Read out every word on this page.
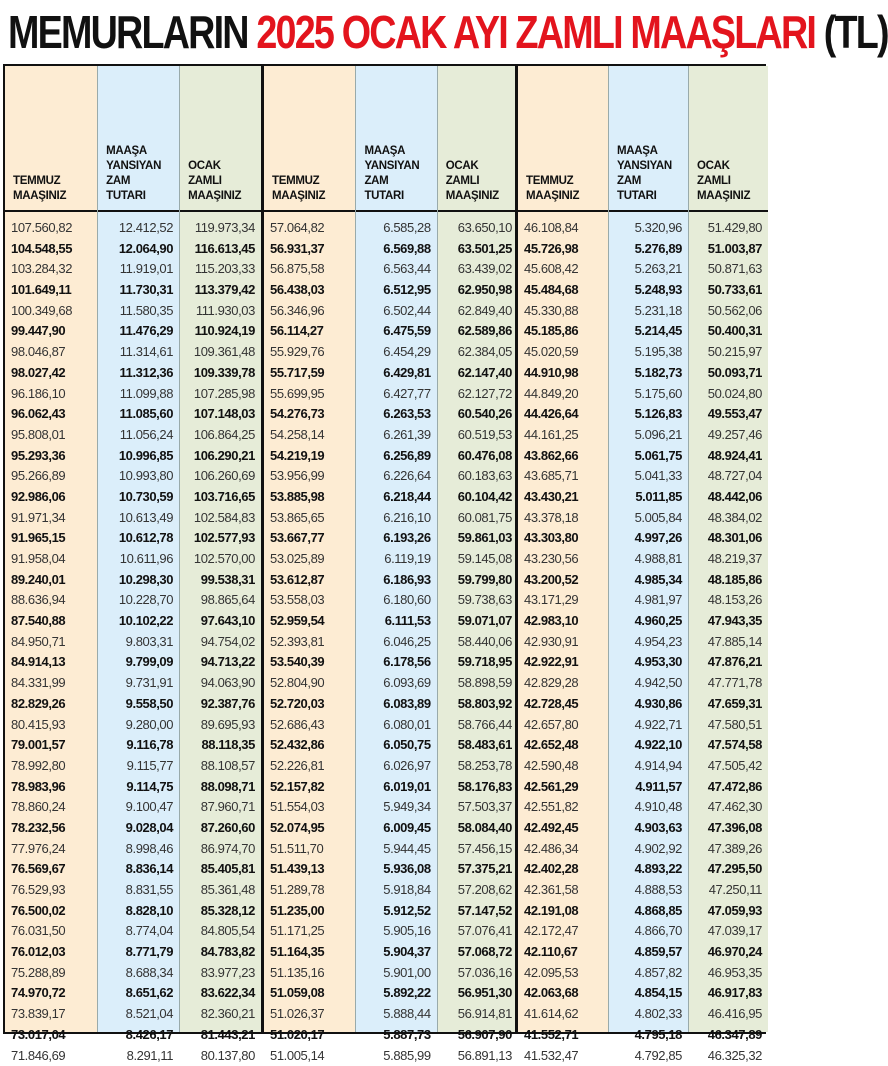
MEMURLARIN 2025 OCAK AYI ZAMLI MAAŞLARI (TL)
TEMMUZ
MAAŞINIZ
107.560,82
104.548,55
103.284,32
101.649,11
100.349,68
99.447,90
98.046,87
98.027,42
96.186,10
96.062,43
95.808,01
95.293,36
95.266,89
92.986,06
91.971,34
91.965,15
91.958,04
89.240,01
88.636,94
87.540,88
84.950,71
84.914,13
84.331,99
82.829,26
80.415,93
79.001,57
78.992,80
78.983,96
78.860,24
78.232,56
77.976,24
76.569,67
76.529,93
76.500,02
76.031,50
76.012,03
75.288,89
74.970,72
73.839,17
73.017,04
71.846,69
MAAŞA
YANSIYAN
ZAM
TUTARI
12.412,52
12.064,90
11.919,01
11.730,31
11.580,35
11.476,29
11.314,61
11.312,36
11.099,88
11.085,60
11.056,24
10.996,85
10.993,80
10.730,59
10.613,49
10.612,78
10.611,96
10.298,30
10.228,70
10.102,22
9.803,31
9.799,09
9.731,91
9.558,50
9.280,00
9.116,78
9.115,77
9.114,75
9.100,47
9.028,04
8.998,46
8.836,14
8.831,55
8.828,10
8.774,04
8.771,79
8.688,34
8.651,62
8.521,04
8.426,17
8.291,11
OCAK
ZAMLI
MAAŞINIZ
119.973,34
116.613,45
115.203,33
113.379,42
111.930,03
110.924,19
109.361,48
109.339,78
107.285,98
107.148,03
106.864,25
106.290,21
106.260,69
103.716,65
102.584,83
102.577,93
102.570,00
99.538,31
98.865,64
97.643,10
94.754,02
94.713,22
94.063,90
92.387,76
89.695,93
88.118,35
88.108,57
88.098,71
87.960,71
87.260,60
86.974,70
85.405,81
85.361,48
85.328,12
84.805,54
84.783,82
83.977,23
83.622,34
82.360,21
81.443,21
80.137,80
TEMMUZ
MAAŞINIZ
57.064,82
56.931,37
56.875,58
56.438,03
56.346,96
56.114,27
55.929,76
55.717,59
55.699,95
54.276,73
54.258,14
54.219,19
53.956,99
53.885,98
53.865,65
53.667,77
53.025,89
53.612,87
53.558,03
52.959,54
52.393,81
53.540,39
52.804,90
52.720,03
52.686,43
52.432,86
52.226,81
52.157,82
51.554,03
52.074,95
51.511,70
51.439,13
51.289,78
51.235,00
51.171,25
51.164,35
51.135,16
51.059,08
51.026,37
51.020,17
51.005,14
MAAŞA
YANSIYAN
ZAM
TUTARI
6.585,28
6.569,88
6.563,44
6.512,95
6.502,44
6.475,59
6.454,29
6.429,81
6.427,77
6.263,53
6.261,39
6.256,89
6.226,64
6.218,44
6.216,10
6.193,26
6.119,19
6.186,93
6.180,60
6.111,53
6.046,25
6.178,56
6.093,69
6.083,89
6.080,01
6.050,75
6.026,97
6.019,01
5.949,34
6.009,45
5.944,45
5.936,08
5.918,84
5.912,52
5.905,16
5.904,37
5.901,00
5.892,22
5.888,44
5.887,73
5.885,99
OCAK
ZAMLI
MAAŞINIZ
63.650,10
63.501,25
63.439,02
62.950,98
62.849,40
62.589,86
62.384,05
62.147,40
62.127,72
60.540,26
60.519,53
60.476,08
60.183,63
60.104,42
60.081,75
59.861,03
59.145,08
59.799,80
59.738,63
59.071,07
58.440,06
59.718,95
58.898,59
58.803,92
58.766,44
58.483,61
58.253,78
58.176,83
57.503,37
58.084,40
57.456,15
57.375,21
57.208,62
57.147,52
57.076,41
57.068,72
57.036,16
56.951,30
56.914,81
56.907,90
56.891,13
TEMMUZ
MAAŞINIZ
46.108,84
45.726,98
45.608,42
45.484,68
45.330,88
45.185,86
45.020,59
44.910,98
44.849,20
44.426,64
44.161,25
43.862,66
43.685,71
43.430,21
43.378,18
43.303,80
43.230,56
43.200,52
43.171,29
42.983,10
42.930,91
42.922,91
42.829,28
42.728,45
42.657,80
42.652,48
42.590,48
42.561,29
42.551,82
42.492,45
42.486,34
42.402,28
42.361,58
42.191,08
42.172,47
42.110,67
42.095,53
42.063,68
41.614,62
41.552,71
41.532,47
MAAŞA
YANSIYAN
ZAM
TUTARI
5.320,96
5.276,89
5.263,21
5.248,93
5.231,18
5.214,45
5.195,38
5.182,73
5.175,60
5.126,83
5.096,21
5.061,75
5.041,33
5.011,85
5.005,84
4.997,26
4.988,81
4.985,34
4.981,97
4.960,25
4.954,23
4.953,30
4.942,50
4.930,86
4.922,71
4.922,10
4.914,94
4.911,57
4.910,48
4.903,63
4.902,92
4.893,22
4.888,53
4.868,85
4.866,70
4.859,57
4.857,82
4.854,15
4.802,33
4.795,18
4.792,85
OCAK
ZAMLI
MAAŞINIZ
51.429,80
51.003,87
50.871,63
50.733,61
50.562,06
50.400,31
50.215,97
50.093,71
50.024,80
49.553,47
49.257,46
48.924,41
48.727,04
48.442,06
48.384,02
48.301,06
48.219,37
48.185,86
48.153,26
47.943,35
47.885,14
47.876,21
47.771,78
47.659,31
47.580,51
47.574,58
47.505,42
47.472,86
47.462,30
47.396,08
47.389,26
47.295,50
47.250,11
47.059,93
47.039,17
46.970,24
46.953,35
46.917,83
46.416,95
46.347,89
46.325,32
